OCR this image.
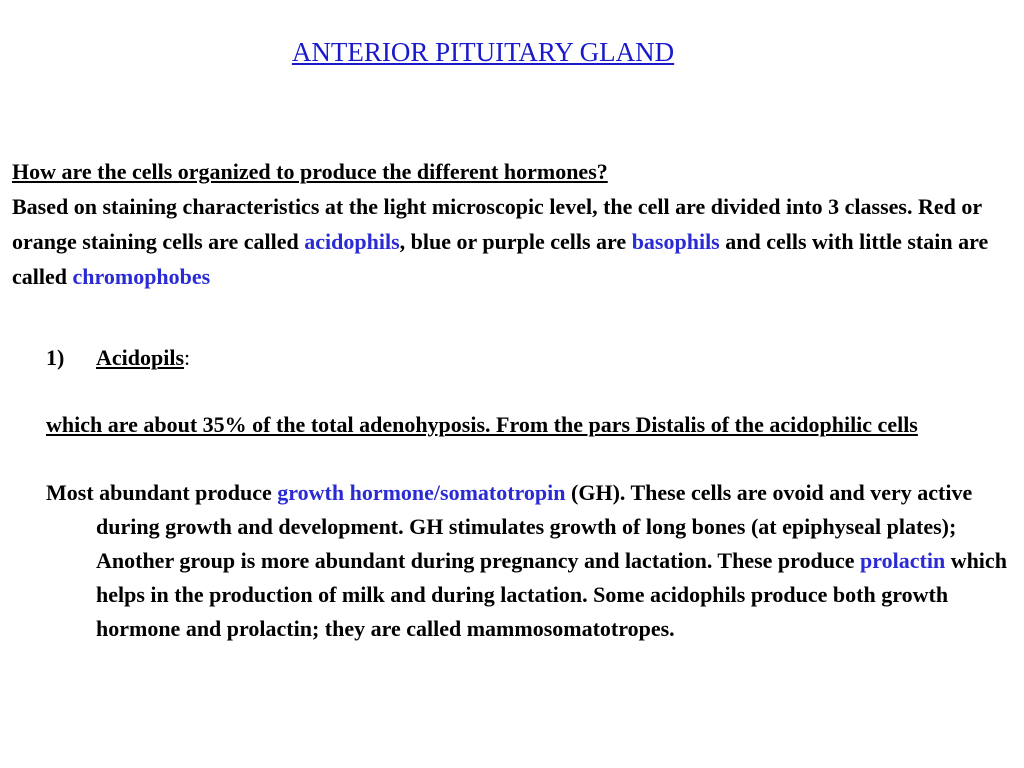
ANTERIOR PITUITARY GLAND

How are the cells organized to produce the different hormones?
Based on staining characteristics at the light microscopic level, the cell are divided into 3 classes. Red or orange staining cells are called acidophils, blue or purple cells are basophils and cells with little stain are called chromophobes

1) Acidopils:

which are about 35% of the total adenohyposis. From the pars Distalis of the acidophilic cells

Most abundant produce growth hormone/somatotropin (GH). These cells are ovoid and very active during growth and development. GH stimulates growth of long bones (at epiphyseal plates); Another group is more abundant during pregnancy and lactation. These produce prolactin which helps in the production of milk and during lactation. Some acidophils produce both growth hormone and prolactin; they are called mammosomatotropes.
